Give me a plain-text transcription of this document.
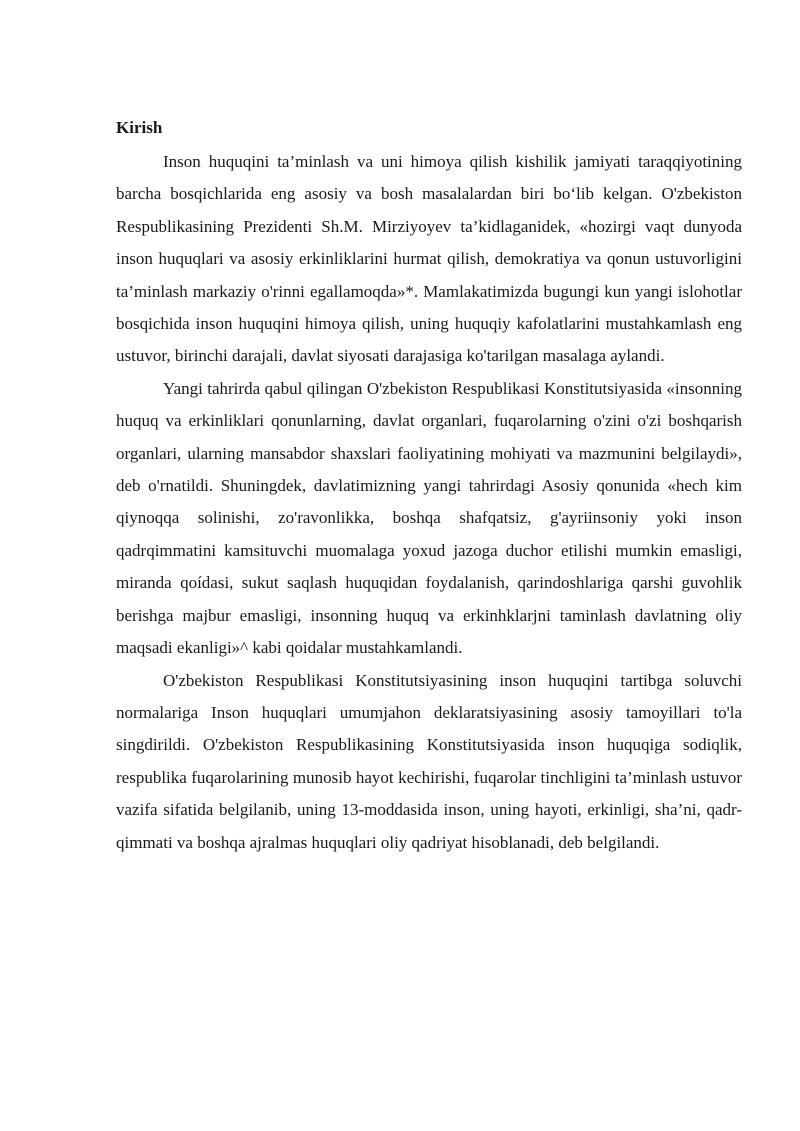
Kirish

Inson huquqini ta’minlash va uni himoya qilish kishilik jamiyati taraqqiyotining barcha bosqichlarida eng asosiy va bosh masalalardan biri bo‘lib kelgan. O'zbekiston Respublikasining Prezidenti Sh.M. Mirziyoyev ta’kidlaganidek, «hozirgi vaqt dunyoda inson huquqlari va asosiy erkinliklarini hurmat qilish, demokratiya va qonun ustuvorligini ta’minlash markaziy o'rinni egallamoqda»*. Mamlakatimizda bugungi kun yangi islohotlar bosqichida inson huquqini himoya qilish, uning huquqiy kafolatlarini mustahkamlash eng ustuvor, birinchi darajali, davlat siyosati darajasiga ko'tarilgan masalaga aylandi.

Yangi tahrirda qabul qilingan O'zbekiston Respublikasi Konstitutsiyasida «insonning huquq va erkinliklari qonunlarning, davlat organlari, fuqarolarning o'zini o'zi boshqarish organlari, ularning mansabdor shaxslari faoliyatining mohiyati va mazmunini belgilaydi», deb o'rnatildi. Shuningdek, davlatimizning yangi tahrirdagi Asosiy qonunida «hech kim qiynoqqa solinishi, zo'ravonlikka, boshqa shafqatsiz, g'ayriinsoniy yoki inson qadrqimmatini kamsituvchi muomalaga yoxud jazoga duchor etilishi mumkin emasligi, miranda qoídasi, sukut saqlash huquqidan foydalanish, qarindoshlariga qarshi guvohlik berishga majbur emasligi, insonning huquq va erkinhklarjni taminlash davlatning oliy maqsadi ekanligi»^ kabi qoidalar mustahkamlandi.

O'zbekiston Respublikasi Konstitutsiyasining inson huquqini tartibga soluvchi normalariga Inson huquqlari umumjahon deklaratsiyasining asosiy tamoyillari to'la singdirildi. O'zbekiston Respublikasining Konstitutsiyasida inson huquqiga sodiqlik, respublika fuqarolarining munosib hayot kechirishi, fuqarolar tinchligini ta’minlash ustuvor vazifa sifatida belgilanib, uning 13-moddasida inson, uning hayoti, erkinligi, sha’ni, qadr-qimmati va boshqa ajralmas huquqlari oliy qadriyat hisoblanadi, deb belgilandi.
